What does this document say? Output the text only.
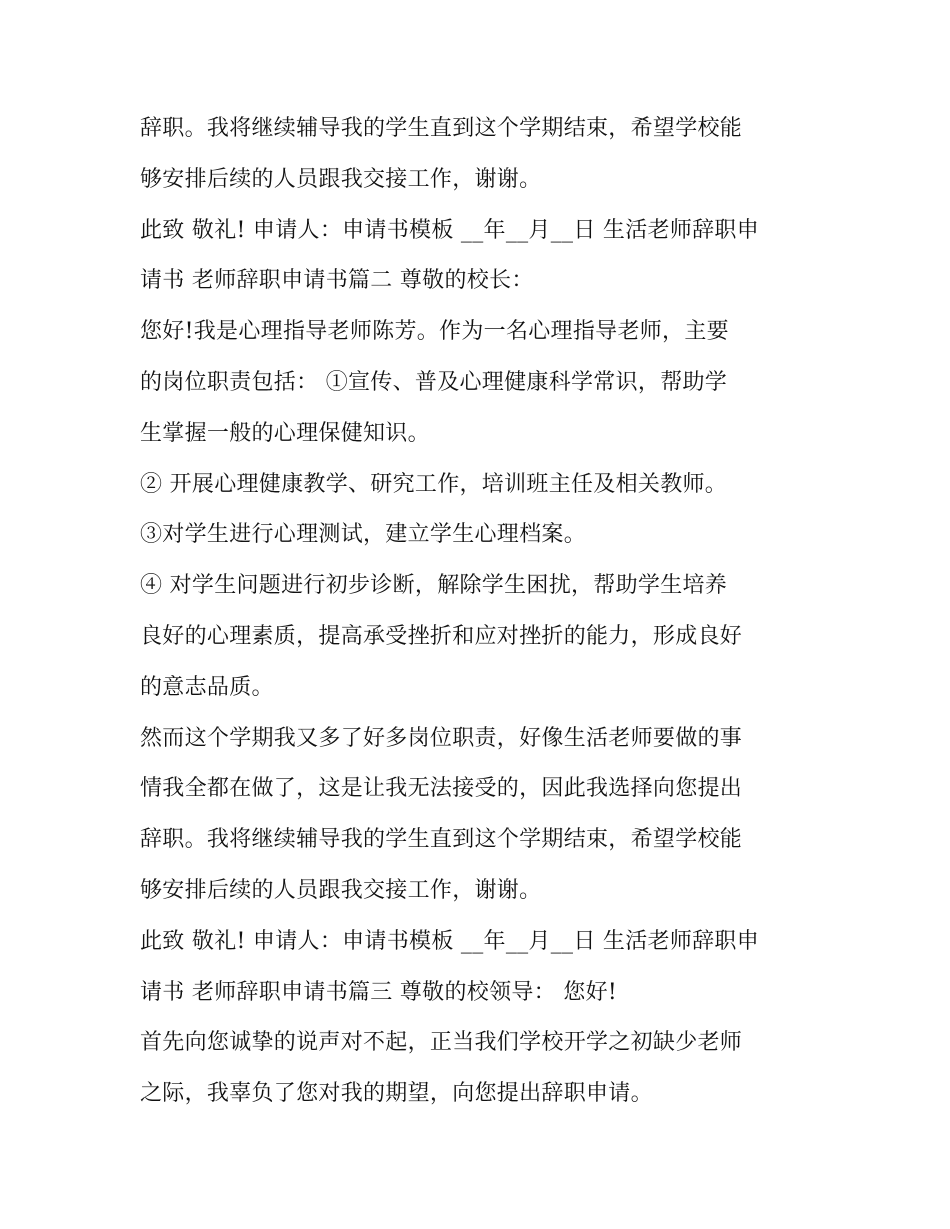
辞职。我将继续辅导我的学生直到这个学期结束，希望学校能
够安排后续的人员跟我交接工作，谢谢。
此致 敬礼! 申请人：申请书模板 __年__月__日 生活老师辞职申
请书 老师辞职申请书篇二 尊敬的校长：
您好!我是心理指导老师陈芳。作为一名心理指导老师，主要
的岗位职责包括： ①宣传、普及心理健康科学常识，帮助学
生掌握一般的心理保健知识。
② 开展心理健康教学、研究工作，培训班主任及相关教师。
③对学生进行心理测试，建立学生心理档案。
④ 对学生问题进行初步诊断，解除学生困扰，帮助学生培养
良好的心理素质，提高承受挫折和应对挫折的能力，形成良好
的意志品质。
然而这个学期我又多了好多岗位职责，好像生活老师要做的事
情我全都在做了，这是让我无法接受的，因此我选择向您提出
辞职。我将继续辅导我的学生直到这个学期结束，希望学校能
够安排后续的人员跟我交接工作，谢谢。
此致 敬礼! 申请人：申请书模板 __年__月__日 生活老师辞职申
请书 老师辞职申请书篇三 尊敬的校领导： 您好!
首先向您诚挚的说声对不起，正当我们学校开学之初缺少老师
之际，我辜负了您对我的期望，向您提出辞职申请。
